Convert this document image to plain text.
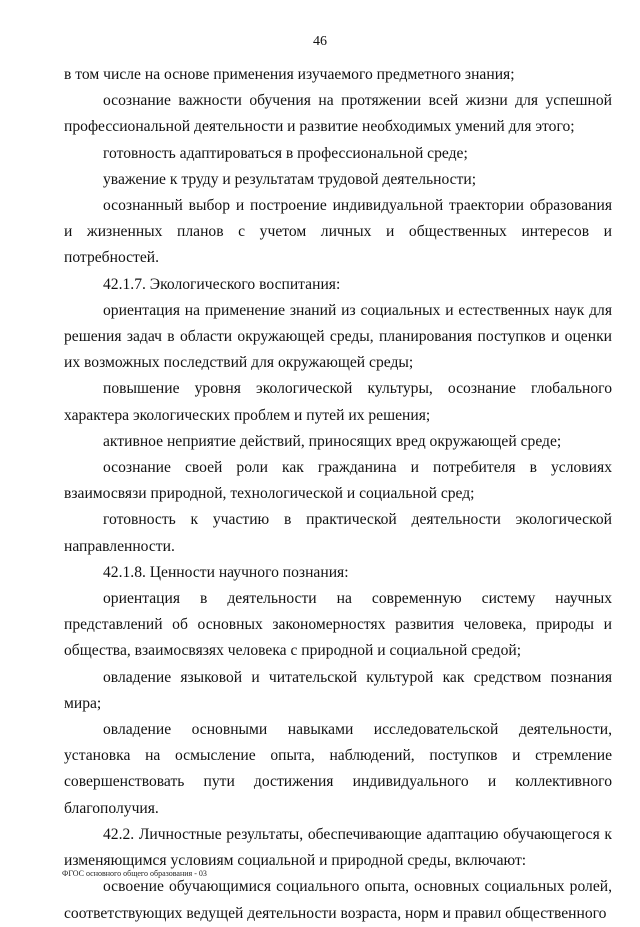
46

в том числе на основе применения изучаемого предметного знания;

осознание важности обучения на протяжении всей жизни для успешной профессиональной деятельности и развитие необходимых умений для этого;

готовность адаптироваться в профессиональной среде;

уважение к труду и результатам трудовой деятельности;

осознанный выбор и построение индивидуальной траектории образования и жизненных планов с учетом личных и общественных интересов и потребностей.

42.1.7. Экологического воспитания:

ориентация на применение знаний из социальных и естественных наук для решения задач в области окружающей среды, планирования поступков и оценки их возможных последствий для окружающей среды;

повышение уровня экологической культуры, осознание глобального характера экологических проблем и путей их решения;

активное неприятие действий, приносящих вред окружающей среде;

осознание своей роли как гражданина и потребителя в условиях взаимосвязи природной, технологической и социальной сред;

готовность к участию в практической деятельности экологической направленности.

42.1.8. Ценности научного познания:

ориентация в деятельности на современную систему научных представлений об основных закономерностях развития человека, природы и общества, взаимосвязях человека с природной и социальной средой;

овладение языковой и читательской культурой как средством познания мира;

овладение основными навыками исследовательской деятельности, установка на осмысление опыта, наблюдений, поступков и стремление совершенствовать пути достижения индивидуального и коллективного благополучия.

42.2. Личностные результаты, обеспечивающие адаптацию обучающегося к изменяющимся условиям социальной и природной среды, включают:

освоение обучающимися социального опыта, основных социальных ролей, соответствующих ведущей деятельности возраста, норм и правил общественного

ФГОС основного общего образования - 03
